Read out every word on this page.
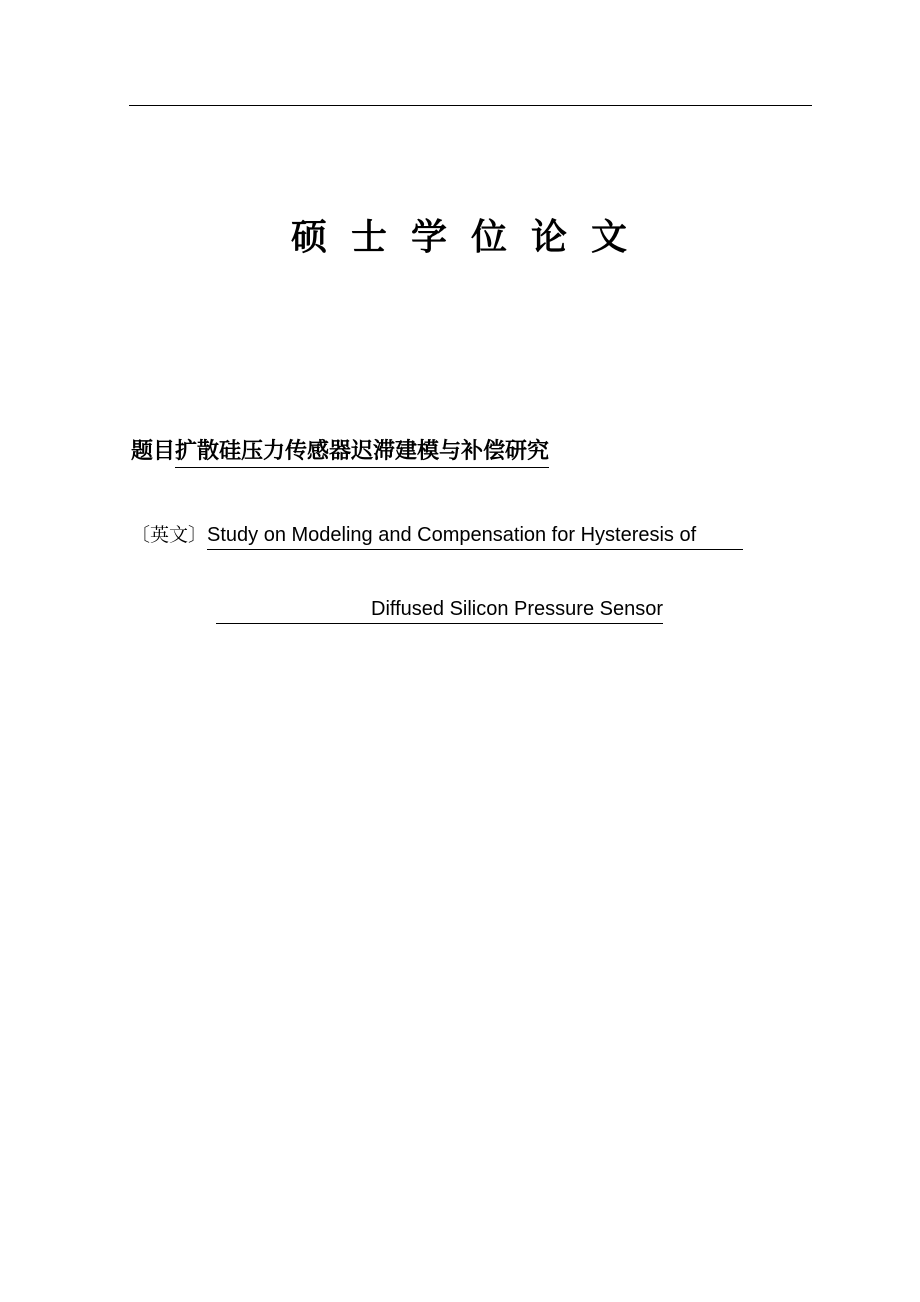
硕士学位论文
题目扩散硅压力传感器迟滞建模与补偿研究
〔英文〕Study on Modeling and Compensation for Hysteresis of
Diffused Silicon Pressure Sensor
